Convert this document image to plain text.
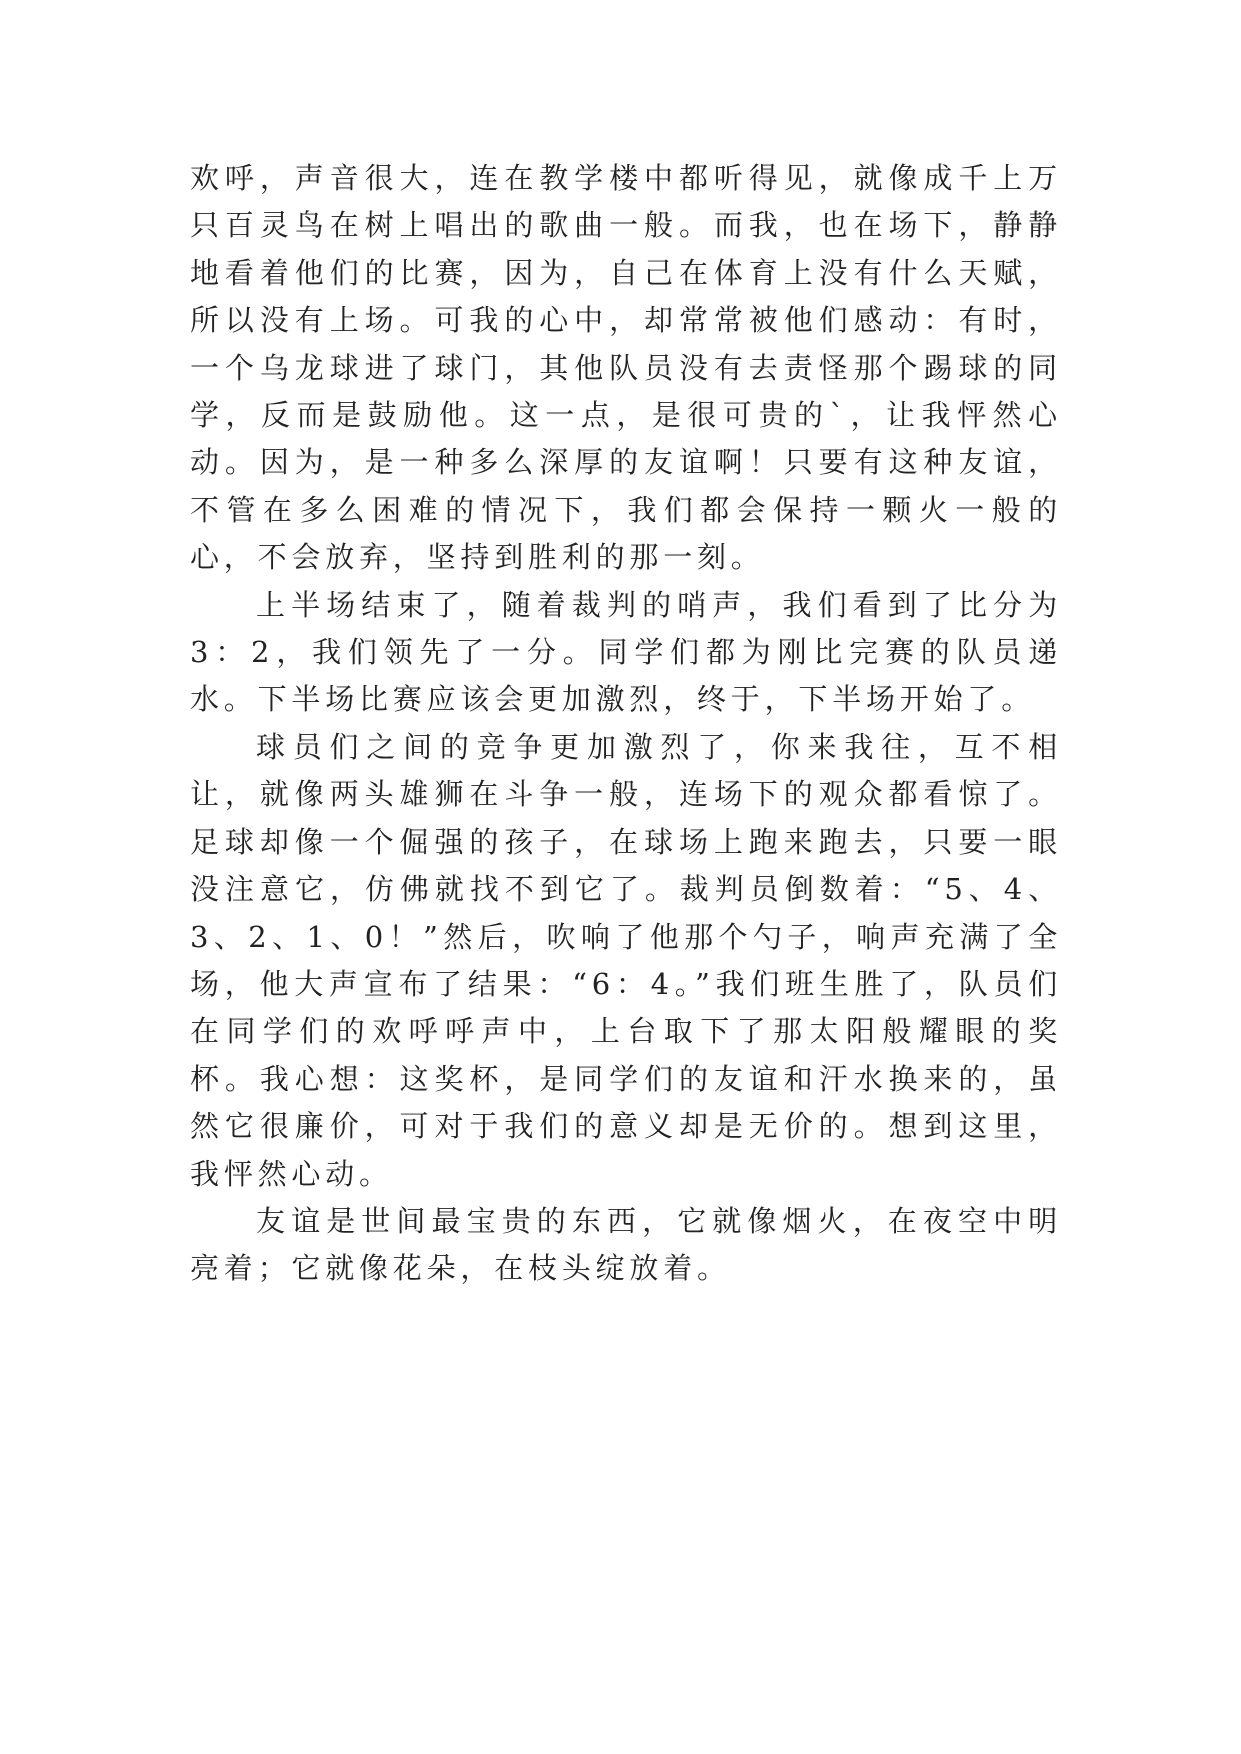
欢呼，声音很大，连在教学楼中都听得见，就像成千上万只百灵鸟在树上唱出的歌曲一般。而我，也在场下，静静地看着他们的比赛，因为，自己在体育上没有什么天赋，所以没有上场。可我的心中，却常常被他们感动：有时，一个乌龙球进了球门，其他队员没有去责怪那个踢球的同学，反而是鼓励他。这一点，是很可贵的`，让我怦然心动。因为，是一种多么深厚的友谊啊！只要有这种友谊，不管在多么困难的情况下，我们都会保持一颗火一般的心，不会放弃，坚持到胜利的那一刻。

上半场结束了，随着裁判的哨声，我们看到了比分为3：2，我们领先了一分。同学们都为刚比完赛的队员递水。下半场比赛应该会更加激烈，终于，下半场开始了。

球员们之间的竞争更加激烈了，你来我往，互不相让，就像两头雄狮在斗争一般，连场下的观众都看惊了。足球却像一个倔强的孩子，在球场上跑来跑去，只要一眼没注意它，仿佛就找不到它了。裁判员倒数着：“5、4、3、2、1、0！”然后，吹响了他那个勺子，响声充满了全场，他大声宣布了结果：“6：4。”我们班生胜了，队员们在同学们的欢呼呼声中，上台取下了那太阳般耀眼的奖杯。我心想：这奖杯，是同学们的友谊和汗水换来的，虽然它很廉价，可对于我们的意义却是无价的。想到这里，我怦然心动。

友谊是世间最宝贵的东西，它就像烟火，在夜空中明亮着；它就像花朵，在枝头绽放着。
